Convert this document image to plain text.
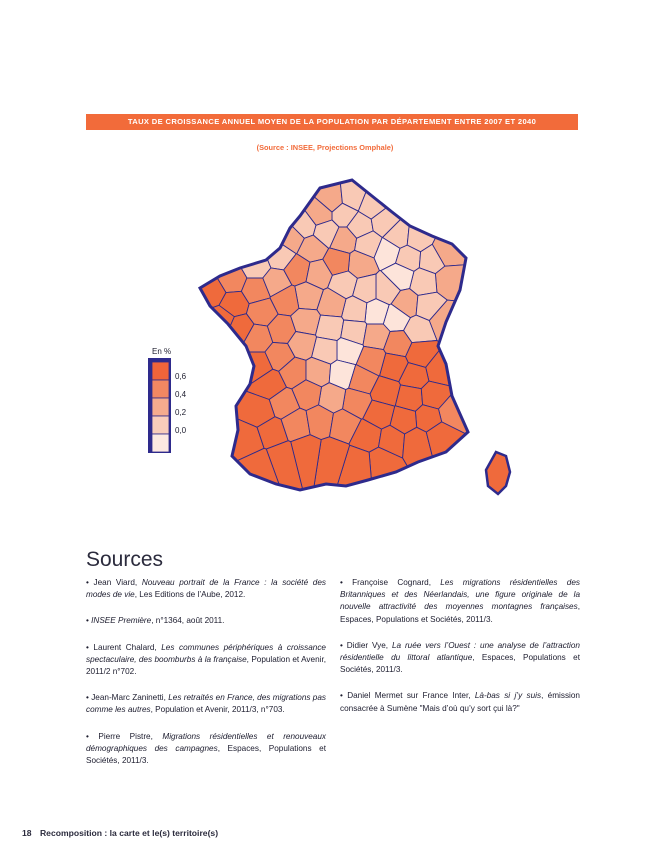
TAUX DE CROISSANCE ANNUEL MOYEN DE LA POPULATION PAR DÉPARTEMENT ENTRE 2007 ET 2040
(Source : INSEE, Projections Omphale)
En %
0,6
0,4
0,2
0,0
Sources

• Jean Viard, Nouveau portrait de la France : la société des modes de vie, Les Editions de l’Aube, 2012.

• INSEE Première, n°1364, août 2011.

• Laurent Chalard, Les communes périphériques à croissance spectaculaire, des boomburbs à la française, Population et Avenir, 2011/2 n°702.

• Jean-Marc Zaninetti, Les retraités en France, des migrations pas comme les autres, Population et Avenir, 2011/3, n°703.

• Pierre Pistre, Migrations résidentielles et renouveaux démographiques des campagnes, Espaces, Populations et Sociétés, 2011/3.

• Françoise Cognard, Les migrations résidentielles des Britanniques et des Néerlandais, une figure originale de la nouvelle attractivité des moyennes montagnes françaises, Espaces, Populations et Sociétés, 2011/3.

• Didier Vye, La ruée vers l’Ouest : une analyse de l’attraction résidentielle du littoral atlantique, Espaces, Populations et Sociétés, 2011/3.

• Daniel Mermet sur France Inter, Là-bas si j’y suis, émission consacrée à Sumène "Mais d’où qu’y sort çui là?"

18 Recomposition : la carte et le(s) territoire(s)
